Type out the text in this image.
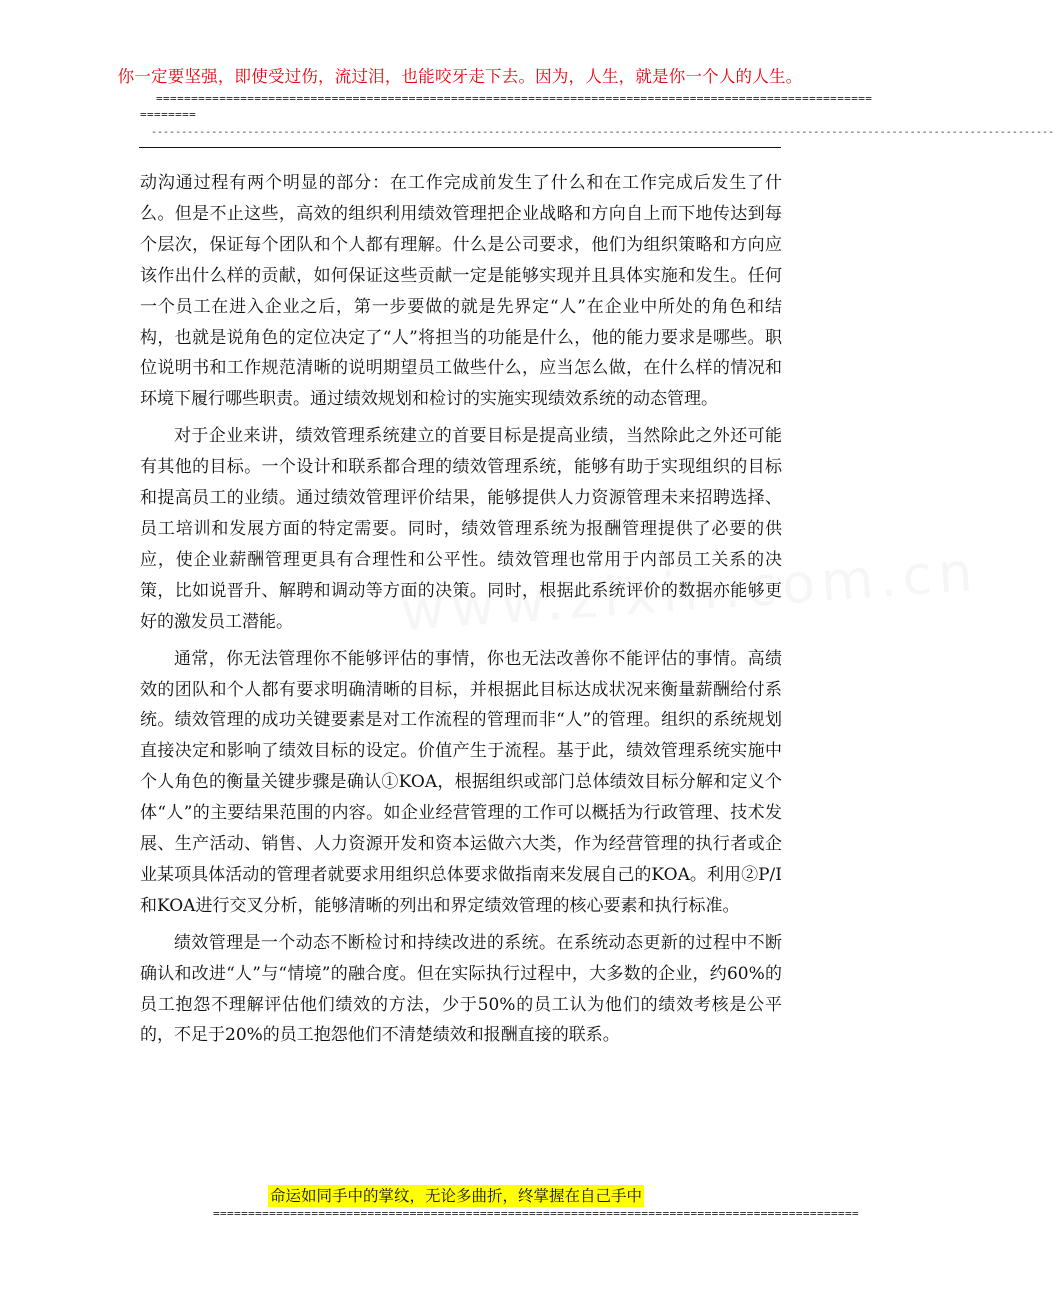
你一定要坚强，即使受过伤，流过泪，也能咬牙走下去。因为，人生，就是你一个人的人生。
======================================================================================================
========
------------------------------------------------------------------------------------------------------------------------------------------------------

动沟通过程有两个明显的部分：在工作完成前发生了什么和在工作完成后发生了什么。但是不止这些，高效的组织利用绩效管理把企业战略和方向自上而下地传达到每个层次，保证每个团队和个人都有理解。什么是公司要求，他们为组织策略和方向应该作出什么样的贡献，如何保证这些贡献一定是能够实现并且具体实施和发生。任何一个员工在进入企业之后，第一步要做的就是先界定“人”在企业中所处的角色和结构，也就是说角色的定位决定了“人”将担当的功能是什么，他的能力要求是哪些。职位说明书和工作规范清晰的说明期望员工做些什么，应当怎么做，在什么样的情况和环境下履行哪些职责。通过绩效规划和检讨的实施实现绩效系统的动态管理。

对于企业来讲，绩效管理系统建立的首要目标是提高业绩，当然除此之外还可能有其他的目标。一个设计和联系都合理的绩效管理系统，能够有助于实现组织的目标和提高员工的业绩。通过绩效管理评价结果，能够提供人力资源管理未来招聘选择、员工培训和发展方面的特定需要。同时，绩效管理系统为报酬管理提供了必要的供应，使企业薪酬管理更具有合理性和公平性。绩效管理也常用于内部员工关系的决策，比如说晋升、解聘和调动等方面的决策。同时，根据此系统评价的数据亦能够更好的激发员工潜能。

通常，你无法管理你不能够评估的事情，你也无法改善你不能评估的事情。高绩效的团队和个人都有要求明确清晰的目标，并根据此目标达成状况来衡量薪酬给付系统。绩效管理的成功关键要素是对工作流程的管理而非“人”的管理。组织的系统规划直接决定和影响了绩效目标的设定。价值产生于流程。基于此，绩效管理系统实施中个人角色的衡量关键步骤是确认①KOA，根据组织或部门总体绩效目标分解和定义个体“人”的主要结果范围的内容。如企业经营管理的工作可以概括为行政管理、技术发展、生产活动、销售、人力资源开发和资本运做六大类，作为经营管理的执行者或企业某项具体活动的管理者就要求用组织总体要求做指南来发展自己的KOA。利用②P/I和KOA进行交叉分析，能够清晰的列出和界定绩效管理的核心要素和执行标准。

绩效管理是一个动态不断检讨和持续改进的系统。在系统动态更新的过程中不断确认和改进“人”与“情境”的融合度。但在实际执行过程中，大多数的企业，约60%的员工抱怨不理解评估他们绩效的方法，少于50%的员工认为他们的绩效考核是公平的，不足于20%的员工抱怨他们不清楚绩效和报酬直接的联系。

命运如同手中的掌纹，无论多曲折，终掌握在自己手中
============================================================================================
